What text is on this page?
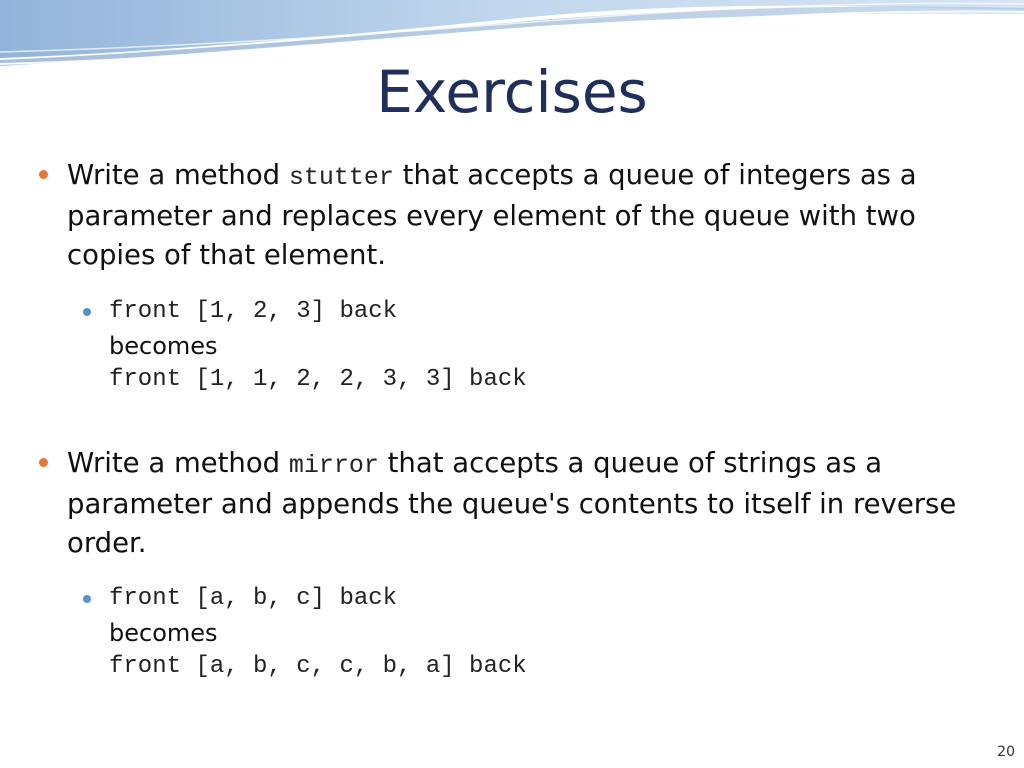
Exercises
Write a method stutter that accepts a queue of integers as a parameter and replaces every element of the queue with two copies of that element.
front [1, 2, 3] back
becomes
front [1, 1, 2, 2, 3, 3] back
Write a method mirror that accepts a queue of strings as a parameter and appends the queue's contents to itself in reverse order.
front [a, b, c] back
becomes
front [a, b, c, c, b, a] back
20
